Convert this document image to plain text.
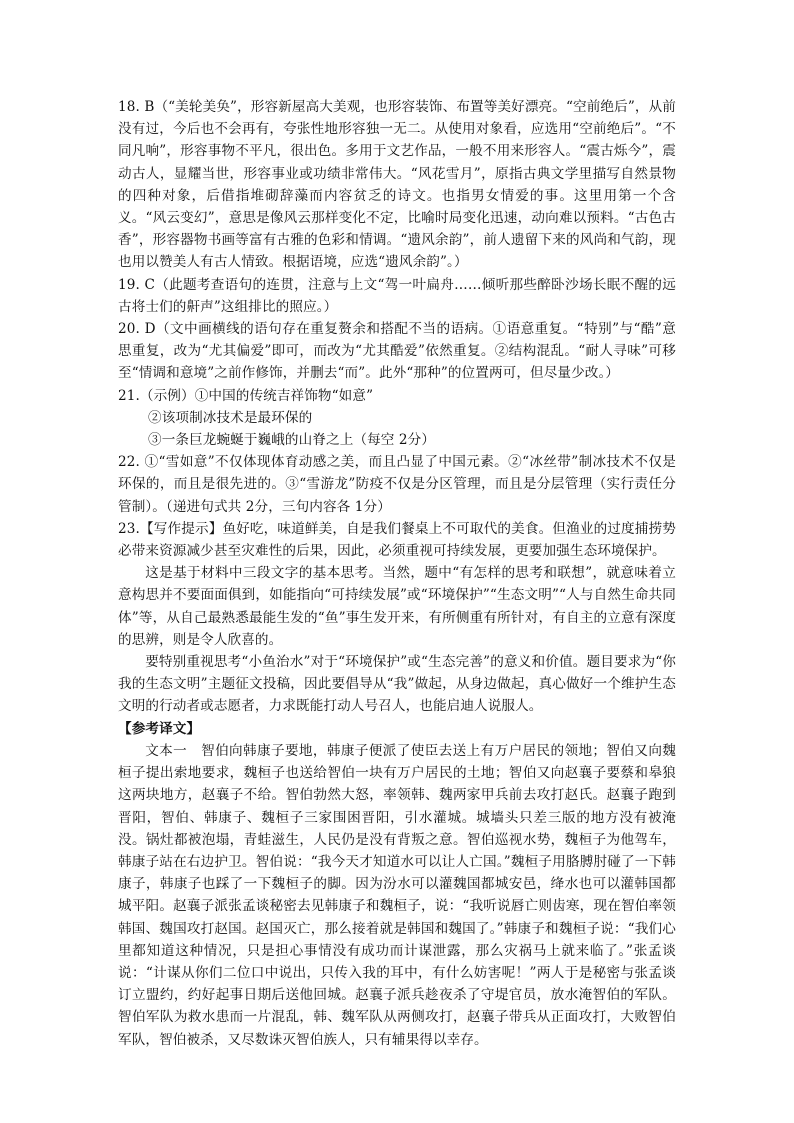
18. B（“美轮美奂”，形容新屋高大美观，也形容装饰、布置等美好漂亮。“空前绝后”，从前没有过，今后也不会再有，夸张性地形容独一无二。从使用对象看，应选用“空前绝后”。“不同凡响”，形容事物不平凡，很出色。多用于文艺作品，一般不用来形容人。“震古烁今”，震动古人，显耀当世，形容事业或功绩非常伟大。“风花雪月”，原指古典文学里描写自然景物的四种对象，后借指堆砌辞藻而内容贫乏的诗文。也指男女情爱的事。这里用第一个含义。“风云变幻”，意思是像风云那样变化不定，比喻时局变化迅速，动向难以预料。“古色古香”，形容器物书画等富有古雅的色彩和情调。“遗风余韵”，前人遗留下来的风尚和气韵，现也用以赞美人有古人情致。根据语境，应选“遗风余韵”。）

19. C（此题考查语句的连贯，注意与上文“驾一叶扁舟……倾听那些醉卧沙场长眠不醒的远古将士们的鼾声”这组排比的照应。）

20. D（文中画横线的语句存在重复赘余和搭配不当的语病。①语意重复。“特别”与“酷”意思重复，改为“尤其偏爱”即可，而改为“尤其酷爱”依然重复。②结构混乱。“耐人寻味”可移至“情调和意境”之前作修饰，并删去“而”。此外“那种”的位置两可，但尽量少改。）

21.（示例）①中国的传统吉祥饰物“如意”

②该项制冰技术是最环保的

③一条巨龙蜿蜒于巍峨的山脊之上（每空 2分）

22. ①“雪如意”不仅体现体育动感之美，而且凸显了中国元素。②“冰丝带”制冰技术不仅是环保的，而且是很先进的。③“雪游龙”防疫不仅是分区管理，而且是分层管理（实行责任分管制）。（递进句式共 2分，三句内容各 1分）

23.【写作提示】鱼好吃，味道鲜美，自是我们餐桌上不可取代的美食。但渔业的过度捕捞势必带来资源减少甚至灾难性的后果，因此，必须重视可持续发展，更要加强生态环境保护。

这是基于材料中三段文字的基本思考。当然，题中“有怎样的思考和联想”，就意味着立意构思并不要面面俱到，如能指向“可持续发展”或“环境保护”“生态文明”“人与自然生命共同体”等，从自己最熟悉最能生发的“鱼”事生发开来，有所侧重有所针对，有自主的立意有深度的思辨，则是令人欣喜的。

要特别重视思考“小鱼治水”对于“环境保护”或“生态完善”的意义和价值。题目要求为“你我的生态文明”主题征文投稿，因此要倡导从“我”做起，从身边做起，真心做好一个维护生态文明的行动者或志愿者，力求既能打动人号召人，也能启迪人说服人。

【参考译文】

文本一　智伯向韩康子要地，韩康子便派了使臣去送上有万户居民的领地；智伯又向魏桓子提出索地要求，魏桓子也送给智伯一块有万户居民的土地；智伯又向赵襄子要蔡和皋狼这两块地方，赵襄子不给。智伯勃然大怒，率领韩、魏两家甲兵前去攻打赵氏。赵襄子跑到晋阳，智伯、韩康子、魏桓子三家围困晋阳，引水灌城。城墙头只差三版的地方没有被淹没。锅灶都被泡塌，青蛙滋生，人民仍是没有背叛之意。智伯巡视水势，魏桓子为他驾车，韩康子站在右边护卫。智伯说：“我今天才知道水可以让人亡国。”魏桓子用胳膊肘碰了一下韩康子，韩康子也踩了一下魏桓子的脚。因为汾水可以灌魏国都城安邑，绛水也可以灌韩国都城平阳。赵襄子派张孟谈秘密去见韩康子和魏桓子，说：“我听说唇亡则齿寒，现在智伯率领韩国、魏国攻打赵国。赵国灭亡，那么接着就是韩国和魏国了。”韩康子和魏桓子说：“我们心里都知道这种情况，只是担心事情没有成功而计谋泄露，那么灾祸马上就来临了。”张孟谈说：“计谋从你们二位口中说出，只传入我的耳中，有什么妨害呢！”两人于是秘密与张孟谈订立盟约，约好起事日期后送他回城。赵襄子派兵趁夜杀了守堤官员，放水淹智伯的军队。智伯军队为救水患而一片混乱，韩、魏军队从两侧攻打，赵襄子带兵从正面攻打，大败智伯军队，智伯被杀，又尽数诛灭智伯族人，只有辅果得以幸存。
